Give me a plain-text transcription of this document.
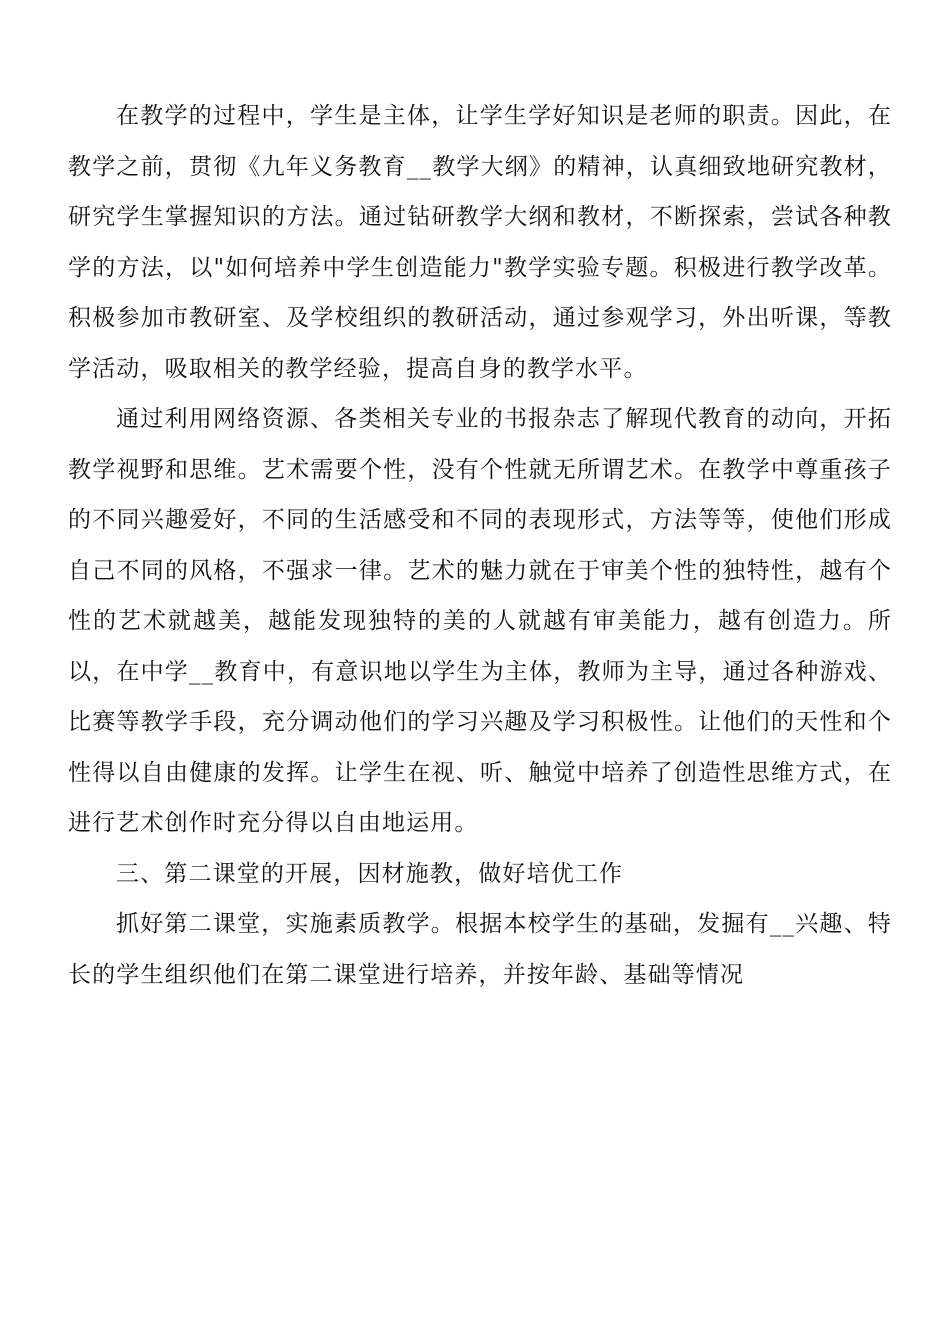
在教学的过程中，学生是主体，让学生学好知识是老师的职责。因此，在教学之前，贯彻《九年义务教育__教学大纲》的精神，认真细致地研究教材，研究学生掌握知识的方法。通过钻研教学大纲和教材，不断探索，尝试各种教学的方法，以"如何培养中学生创造能力"教学实验专题。积极进行教学改革。积极参加市教研室、及学校组织的教研活动，通过参观学习，外出听课，等教学活动，吸取相关的教学经验，提高自身的教学水平。

通过利用网络资源、各类相关专业的书报杂志了解现代教育的动向，开拓教学视野和思维。艺术需要个性，没有个性就无所谓艺术。在教学中尊重孩子的不同兴趣爱好，不同的生活感受和不同的表现形式，方法等等，使他们形成自己不同的风格，不强求一律。艺术的魅力就在于审美个性的独特性，越有个性的艺术就越美，越能发现独特的美的人就越有审美能力，越有创造力。所以，在中学__教育中，有意识地以学生为主体，教师为主导，通过各种游戏、比赛等教学手段，充分调动他们的学习兴趣及学习积极性。让他们的天性和个性得以自由健康的发挥。让学生在视、听、触觉中培养了创造性思维方式，在进行艺术创作时充分得以自由地运用。

三、第二课堂的开展，因材施教，做好培优工作

抓好第二课堂，实施素质教学。根据本校学生的基础，发掘有__兴趣、特长的学生组织他们在第二课堂进行培养，并按年龄、基础等情况
